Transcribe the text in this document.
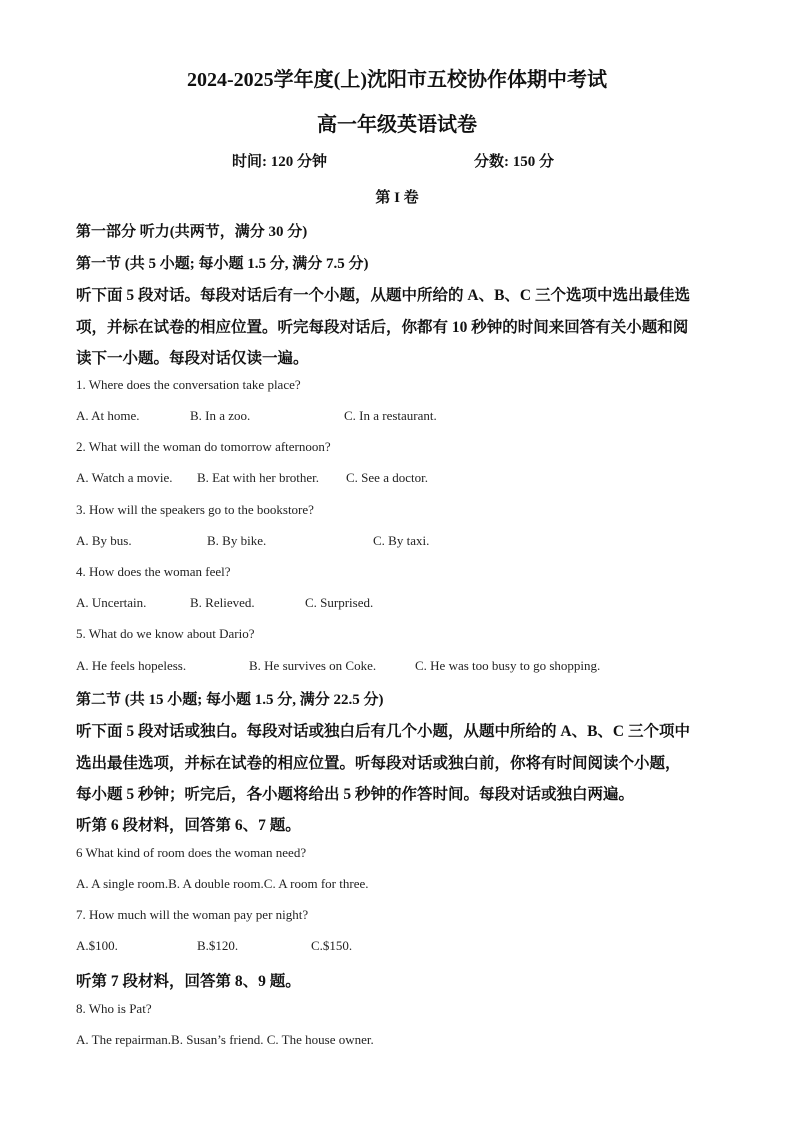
2024-2025学年度(上)沈阳市五校协作体期中考试
高一年级英语试卷
时间: 120 分钟	分数: 150 分
第 I 卷
第一部分 听力(共两节，满分 30 分)
第一节 (共 5 小题; 每小题 1.5 分, 满分 7.5 分)
听下面 5 段对话。每段对话后有一个小题，从题中所给的 A、B、C 三个选项中选出最佳选
项，并标在试卷的相应位置。听完每段对话后，你都有 10 秒钟的时间来回答有关小题和阅
读下一小题。每段对话仅读一遍。
1. Where does the conversation take place?
A. At home.	B. In a zoo.	C. In a restaurant.
2. What will the woman do tomorrow afternoon?
A. Watch a movie. B. Eat with her brother. C. See a doctor.
3. How will the speakers go to the bookstore?
A. By bus.	B. By bike.	C. By taxi.
4. How does the woman feel?
A. Uncertain.	B. Relieved.	C. Surprised.
5. What do we know about Dario?
A. He feels hopeless.	B. He survives on Coke.	C. He was too busy to go shopping.
第二节 (共 15 小题; 每小题 1.5 分, 满分 22.5 分)
听下面 5 段对话或独白。每段对话或独白后有几个小题，从题中所给的 A、B、C 三个项中
选出最佳选项，并标在试卷的相应位置。听每段对话或独白前，你将有时间阅读个小题，
每小题 5 秒钟；听完后，各小题将给出 5 秒钟的作答时间。每段对话或独白两遍。
听第 6 段材料，回答第 6、7 题。
6 What kind of room does the woman need?
A. A single room.B. A double room.C. A room for three.
7. How much will the woman pay per night?
A.$100.	B.$120.	C.$150.
听第 7 段材料，回答第 8、9 题。
8. Who is Pat?
A. The repairman.B. Susan’s friend. C. The house owner.
